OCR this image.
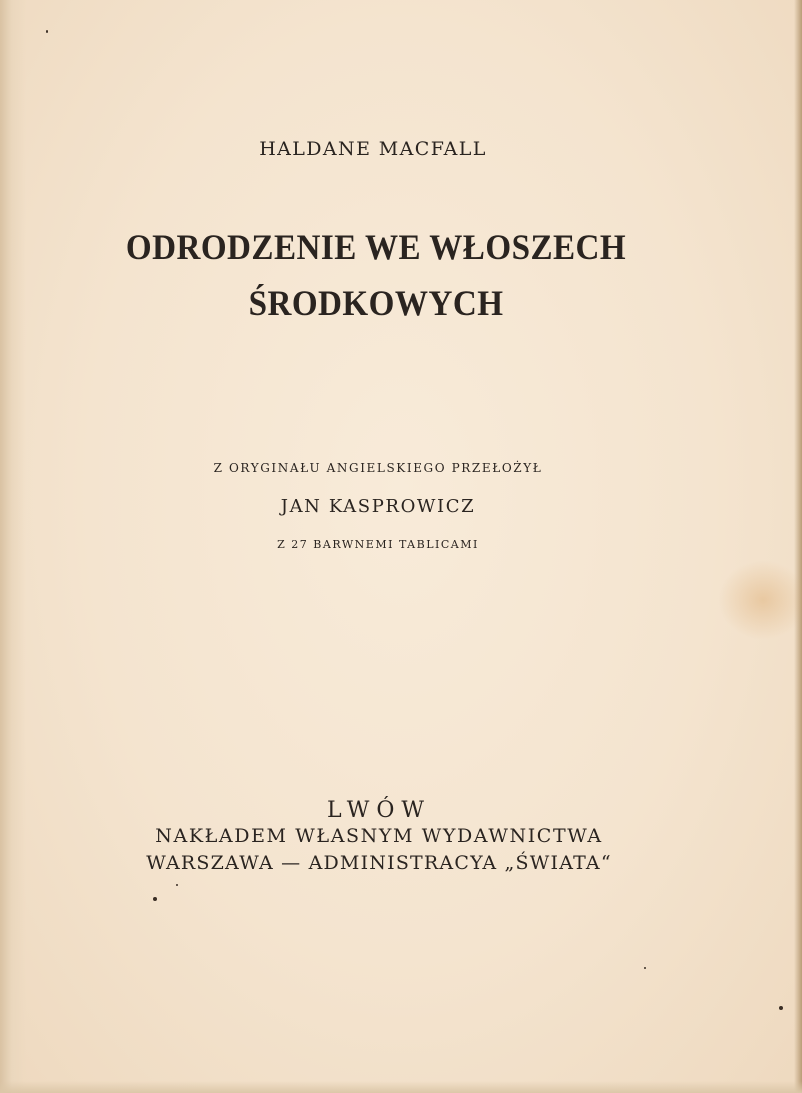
HALDANE MACFALL
ODRODZENIE WE WŁOSZECH
ŚRODKOWYCH
Z ORYGINAŁU ANGIELSKIEGO PRZEŁOŻYŁ
JAN KASPROWICZ
Z 27 BARWNEMI TABLICAMI
LWÓW
NAKŁADEM WŁASNYM WYDAWNICTWA
WARSZAWA — ADMINISTRACYA „ŚWIATA“
